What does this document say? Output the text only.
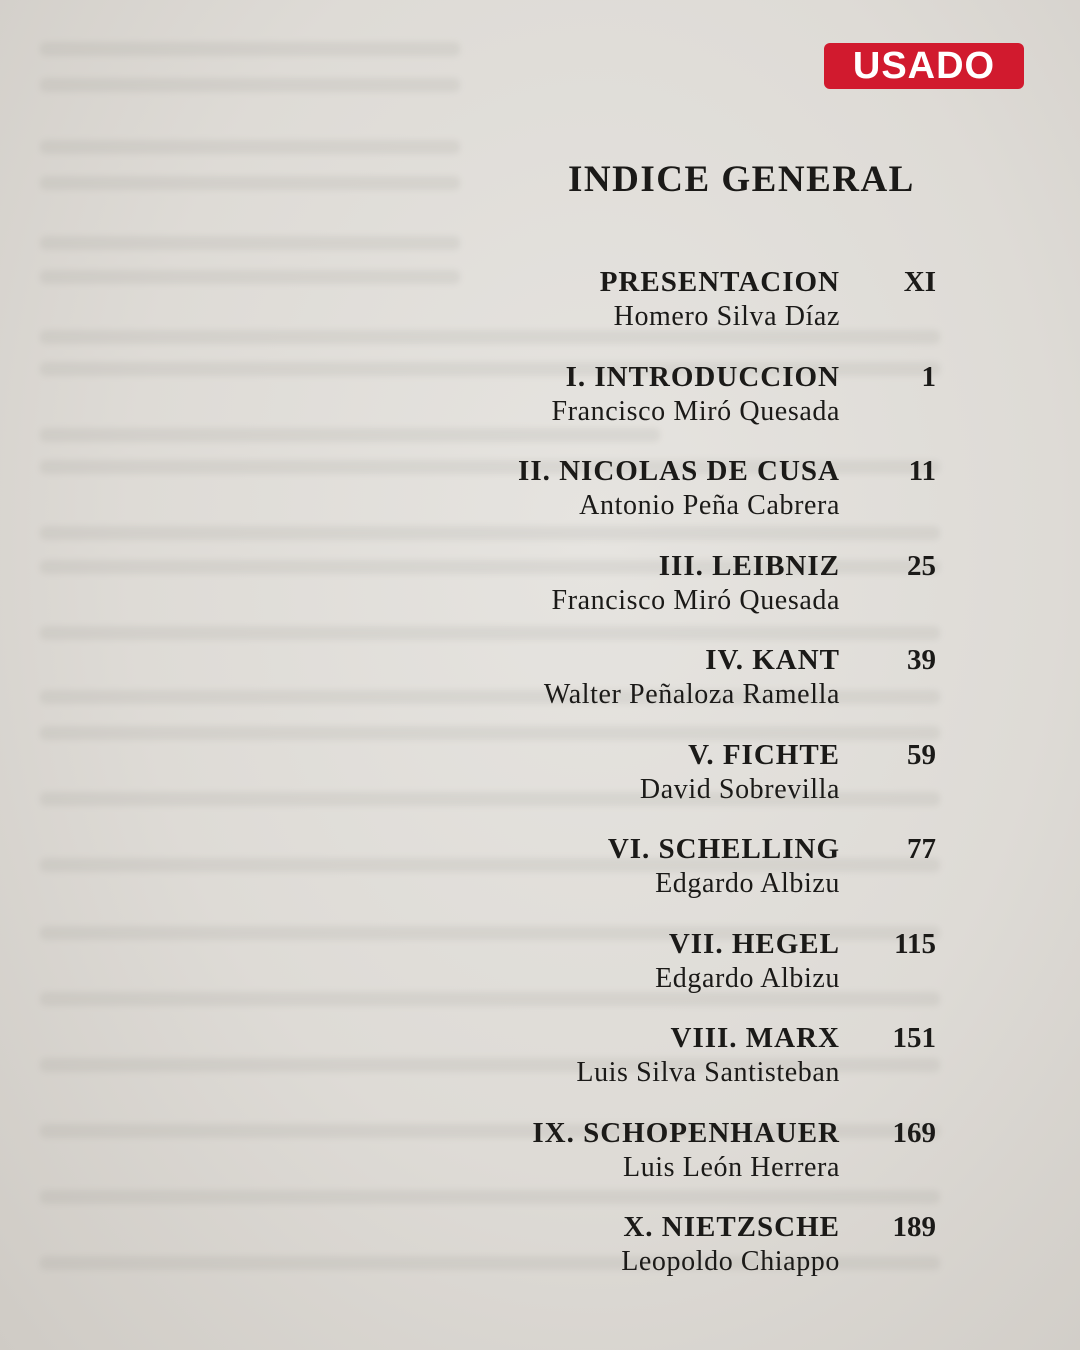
USADO
INDICE GENERAL
PRESENTACION
Homero Silva Díaz
XI
I. INTRODUCCION
Francisco Miró Quesada
1
II. NICOLAS DE CUSA
Antonio Peña Cabrera
11
III. LEIBNIZ
Francisco Miró Quesada
25
IV. KANT
Walter Peñaloza Ramella
39
V. FICHTE
David Sobrevilla
59
VI. SCHELLING
Edgardo Albizu
77
VII. HEGEL
Edgardo Albizu
115
VIII. MARX
Luis Silva Santisteban
151
IX. SCHOPENHAUER
Luis León Herrera
169
X. NIETZSCHE
Leopoldo Chiappo
189
